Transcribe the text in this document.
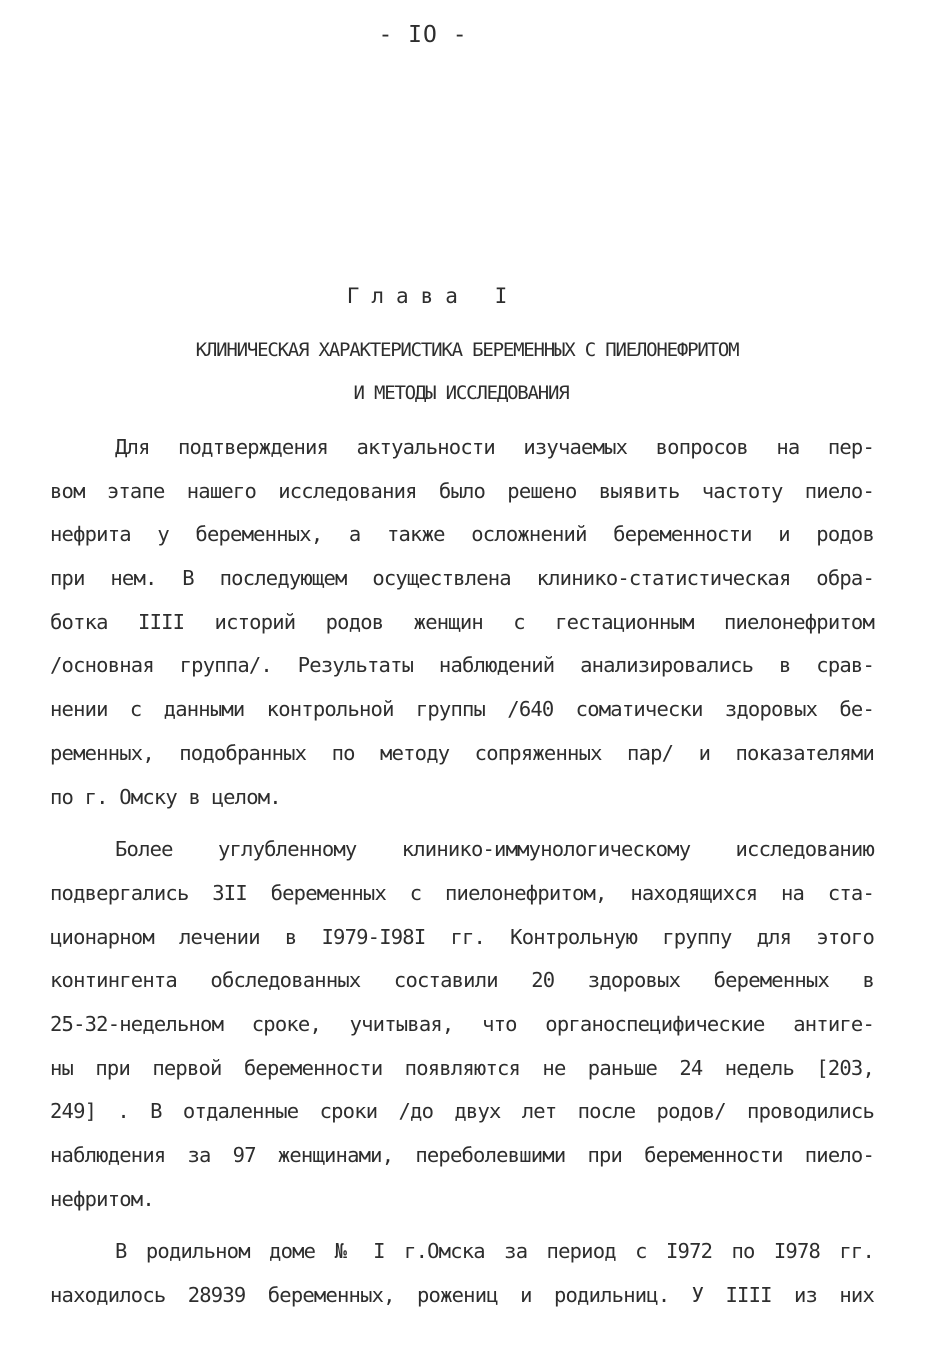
- IO -
Глава I
КЛИНИЧЕСКАЯ ХАРАКТЕРИСТИКА БЕРЕМЕННЫХ С ПИЕЛОНЕФРИТОМ
И МЕТОДЫ ИССЛЕДОВАНИЯ
Для подтверждения актуальности изучаемых вопросов на пер-
вом этапе нашего исследования было решено выявить частоту пиело-
нефрита у беременных, а также осложнений беременности и родов
при нем. В последующем осуществлена клинико-статистическая обра-
ботка IIII историй родов женщин с гестационным пиелонефритом
/основная группа/. Результаты наблюдений анализировались в срав-
нении с данными контрольной группы /640 соматически здоровых бе-
ременных, подобранных по методу сопряженных пар/ и показателями
по г. Омску в целом.
Более углубленному клинико-иммунологическому исследованию
подвергались 3II беременных с пиелонефритом, находящихся на ста-
ционарном лечении в I979-I98I гг. Контрольную группу для этого
контингента обследованных составили 20 здоровых беременных в
25-32-недельном сроке, учитывая, что органоспецифические антиге-
ны при первой беременности появляются не раньше 24 недель [203,
249] . В отдаленные сроки /до двух лет после родов/ проводились
наблюдения за 97 женщинами, переболевшими при беременности пиело-
нефритом.
В родильном доме № I г.Омска за период с I972 по I978 гг.
находилось 28939 беременных, рожениц и родильниц. У IIII из них
